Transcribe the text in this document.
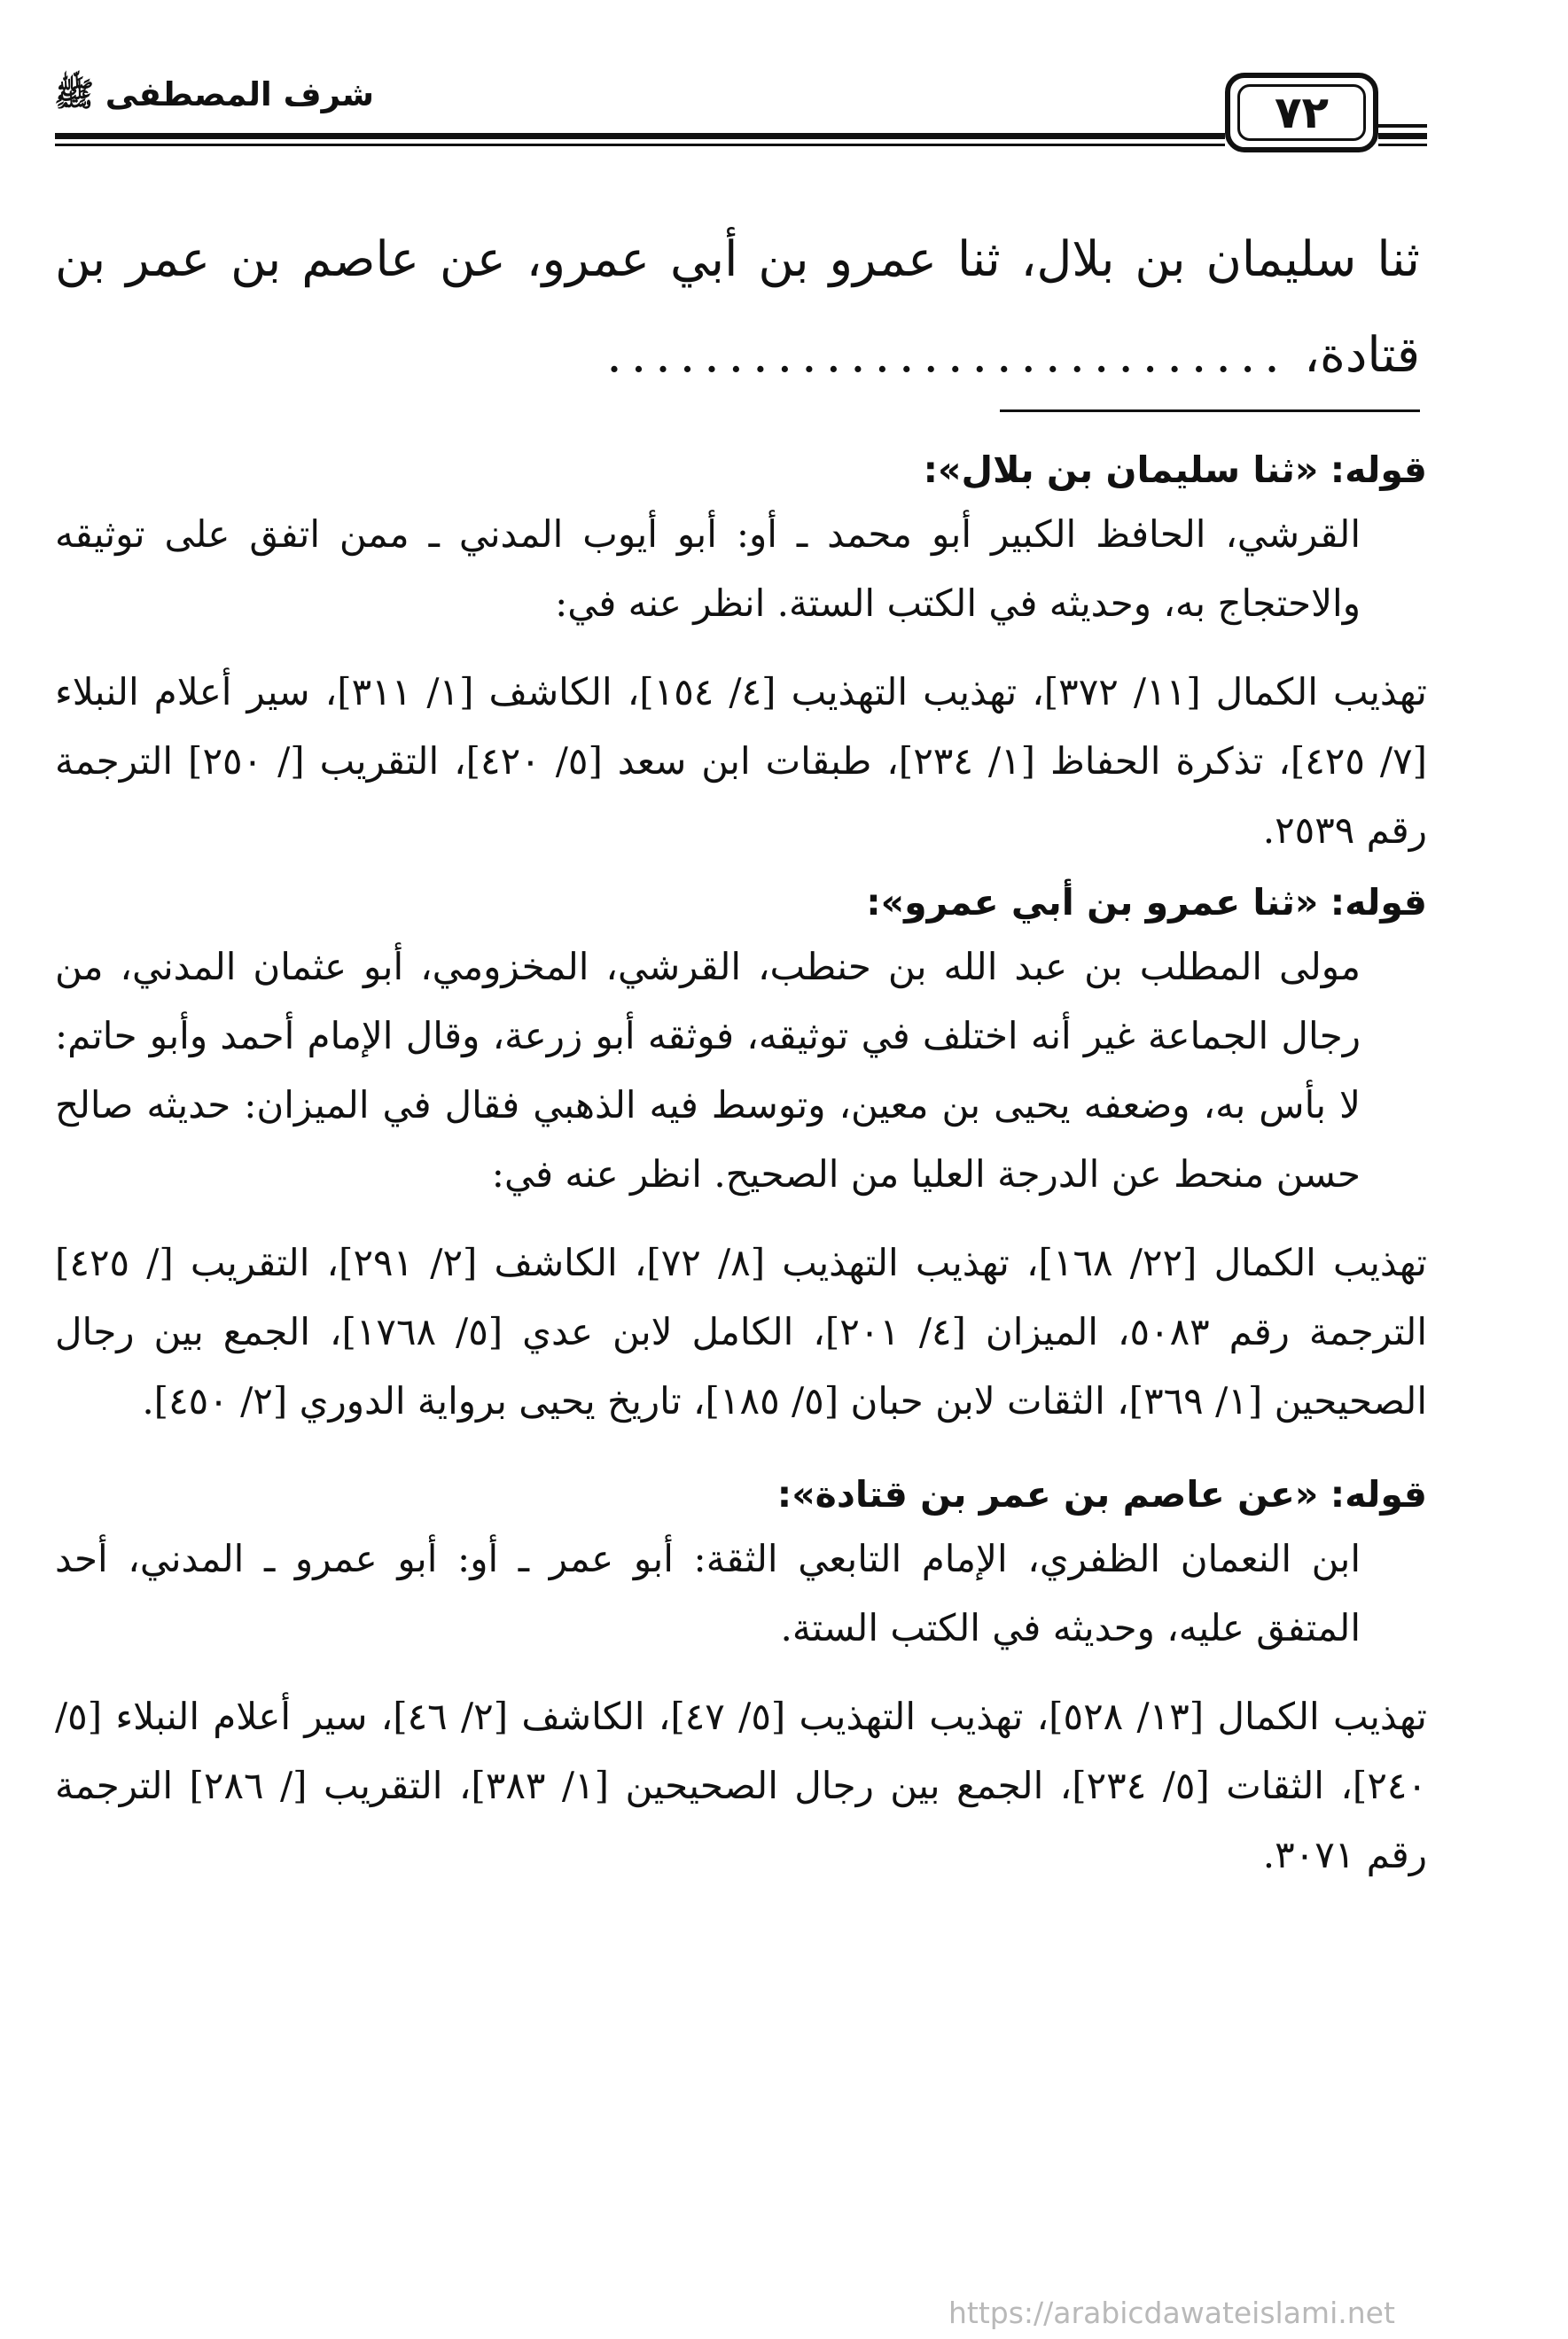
شرف المصطفى ﷺ	٧٢
ثنا سليمان بن بلال، ثنا عمرو بن أبي عمرو، عن عاصم بن عمر بن قتادة، ............................

قوله: «ثنا سليمان بن بلال»:

القرشي، الحافظ الكبير أبو محمد ـ أو: أبو أيوب المدني ـ ممن اتفق على توثيقه والاحتجاج به، وحديثه في الكتب الستة. انظر عنه في:

تهذيب الكمال [١١/ ٣٧٢]، تهذيب التهذيب [٤/ ١٥٤]، الكاشف [١/ ٣١١]، سير أعلام النبلاء [٧/ ٤٢٥]، تذكرة الحفاظ [١/ ٢٣٤]، طبقات ابن سعد [٥/ ٤٢٠]، التقريب [/ ٢٥٠] الترجمة رقم ٢٥٣٩.

قوله: «ثنا عمرو بن أبي عمرو»:

مولى المطلب بن عبد الله بن حنطب، القرشي، المخزومي، أبو عثمان المدني، من رجال الجماعة غير أنه اختلف في توثيقه، فوثقه أبو زرعة، وقال الإمام أحمد وأبو حاتم: لا بأس به، وضعفه يحيى بن معين، وتوسط فيه الذهبي فقال في الميزان: حديثه صالح حسن منحط عن الدرجة العليا من الصحيح. انظر عنه في:

تهذيب الكمال [٢٢/ ١٦٨]، تهذيب التهذيب [٨/ ٧٢]، الكاشف [٢/ ٢٩١]، التقريب [/ ٤٢٥] الترجمة رقم ٥٠٨٣، الميزان [٤/ ٢٠١]، الكامل لابن عدي [٥/ ١٧٦٨]، الجمع بين رجال الصحيحين [١/ ٣٦٩]، الثقات لابن حبان [٥/ ١٨٥]، تاريخ يحيى برواية الدوري [٢/ ٤٥٠].

قوله: «عن عاصم بن عمر بن قتادة»:

ابن النعمان الظفري، الإمام التابعي الثقة: أبو عمر ـ أو: أبو عمرو ـ المدني، أحد المتفق عليه، وحديثه في الكتب الستة.

تهذيب الكمال [١٣/ ٥٢٨]، تهذيب التهذيب [٥/ ٤٧]، الكاشف [٢/ ٤٦]، سير أعلام النبلاء [٥/ ٢٤٠]، الثقات [٥/ ٢٣٤]، الجمع بين رجال الصحيحين [١/ ٣٨٣]، التقريب [/ ٢٨٦] الترجمة رقم ٣٠٧١.

https://arabicdawateislami.net
